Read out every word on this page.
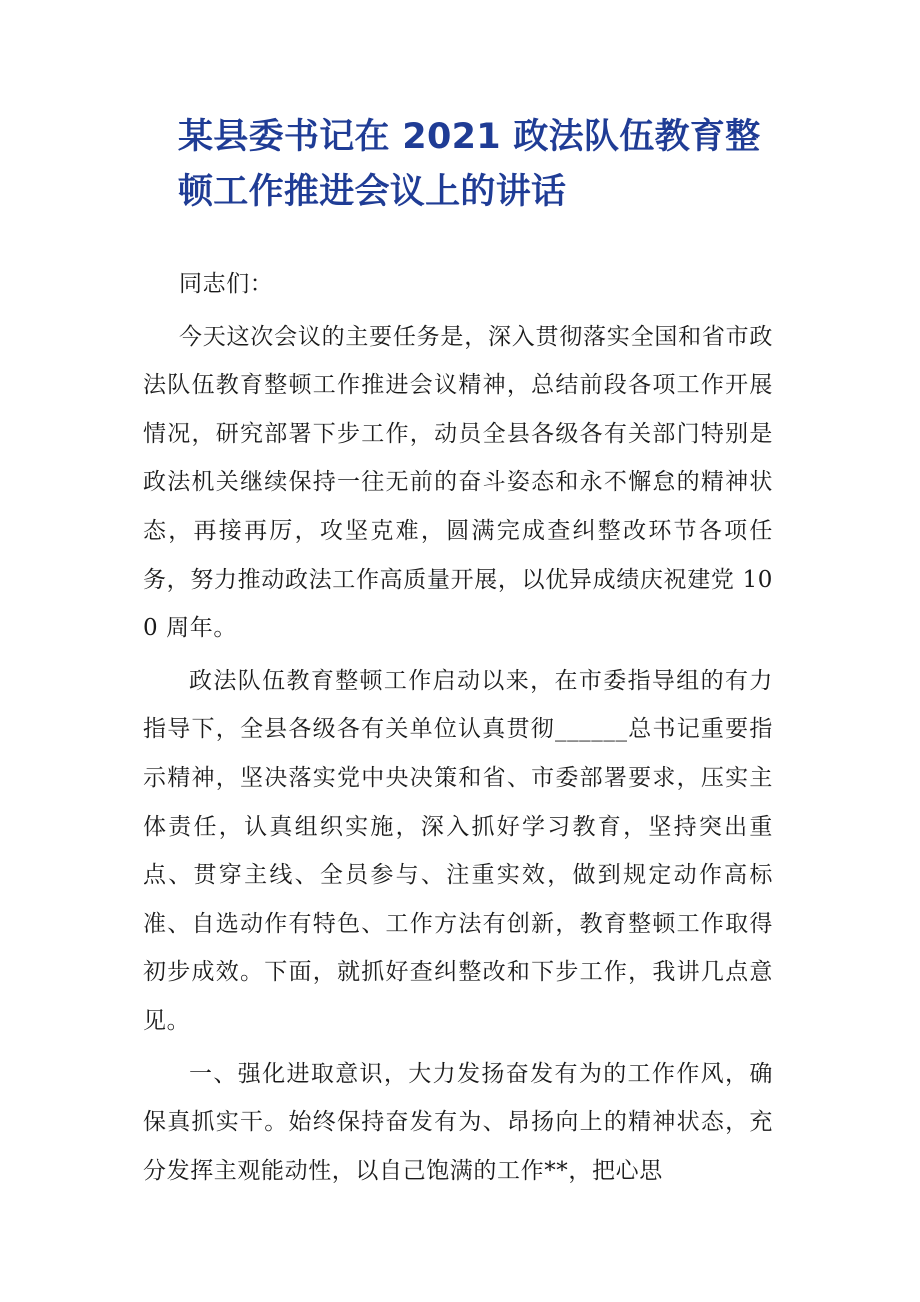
某县委书记在 2021 政法队伍教育整
顿工作推进会议上的讲话

同志们：

今天这次会议的主要任务是，深入贯彻落实全国和省市政法队伍教育整顿工作推进会议精神，总结前段各项工作开展情况，研究部署下步工作，动员全县各级各有关部门特别是政法机关继续保持一往无前的奋斗姿态和永不懈怠的精神状态，再接再厉，攻坚克难，圆满完成查纠整改环节各项任务，努力推动政法工作高质量开展，以优异成绩庆祝建党 100 周年。

政法队伍教育整顿工作启动以来，在市委指导组的有力指导下，全县各级各有关单位认真贯彻______总书记重要指示精神，坚决落实党中央决策和省、市委部署要求，压实主体责任，认真组织实施，深入抓好学习教育，坚持突出重点、贯穿主线、全员参与、注重实效，做到规定动作高标准、自选动作有特色、工作方法有创新，教育整顿工作取得初步成效。下面，就抓好查纠整改和下步工作，我讲几点意见。

一、强化进取意识，大力发扬奋发有为的工作作风，确保真抓实干。始终保持奋发有为、昂扬向上的精神状态，充分发挥主观能动性，以自己饱满的工作**，把心思
